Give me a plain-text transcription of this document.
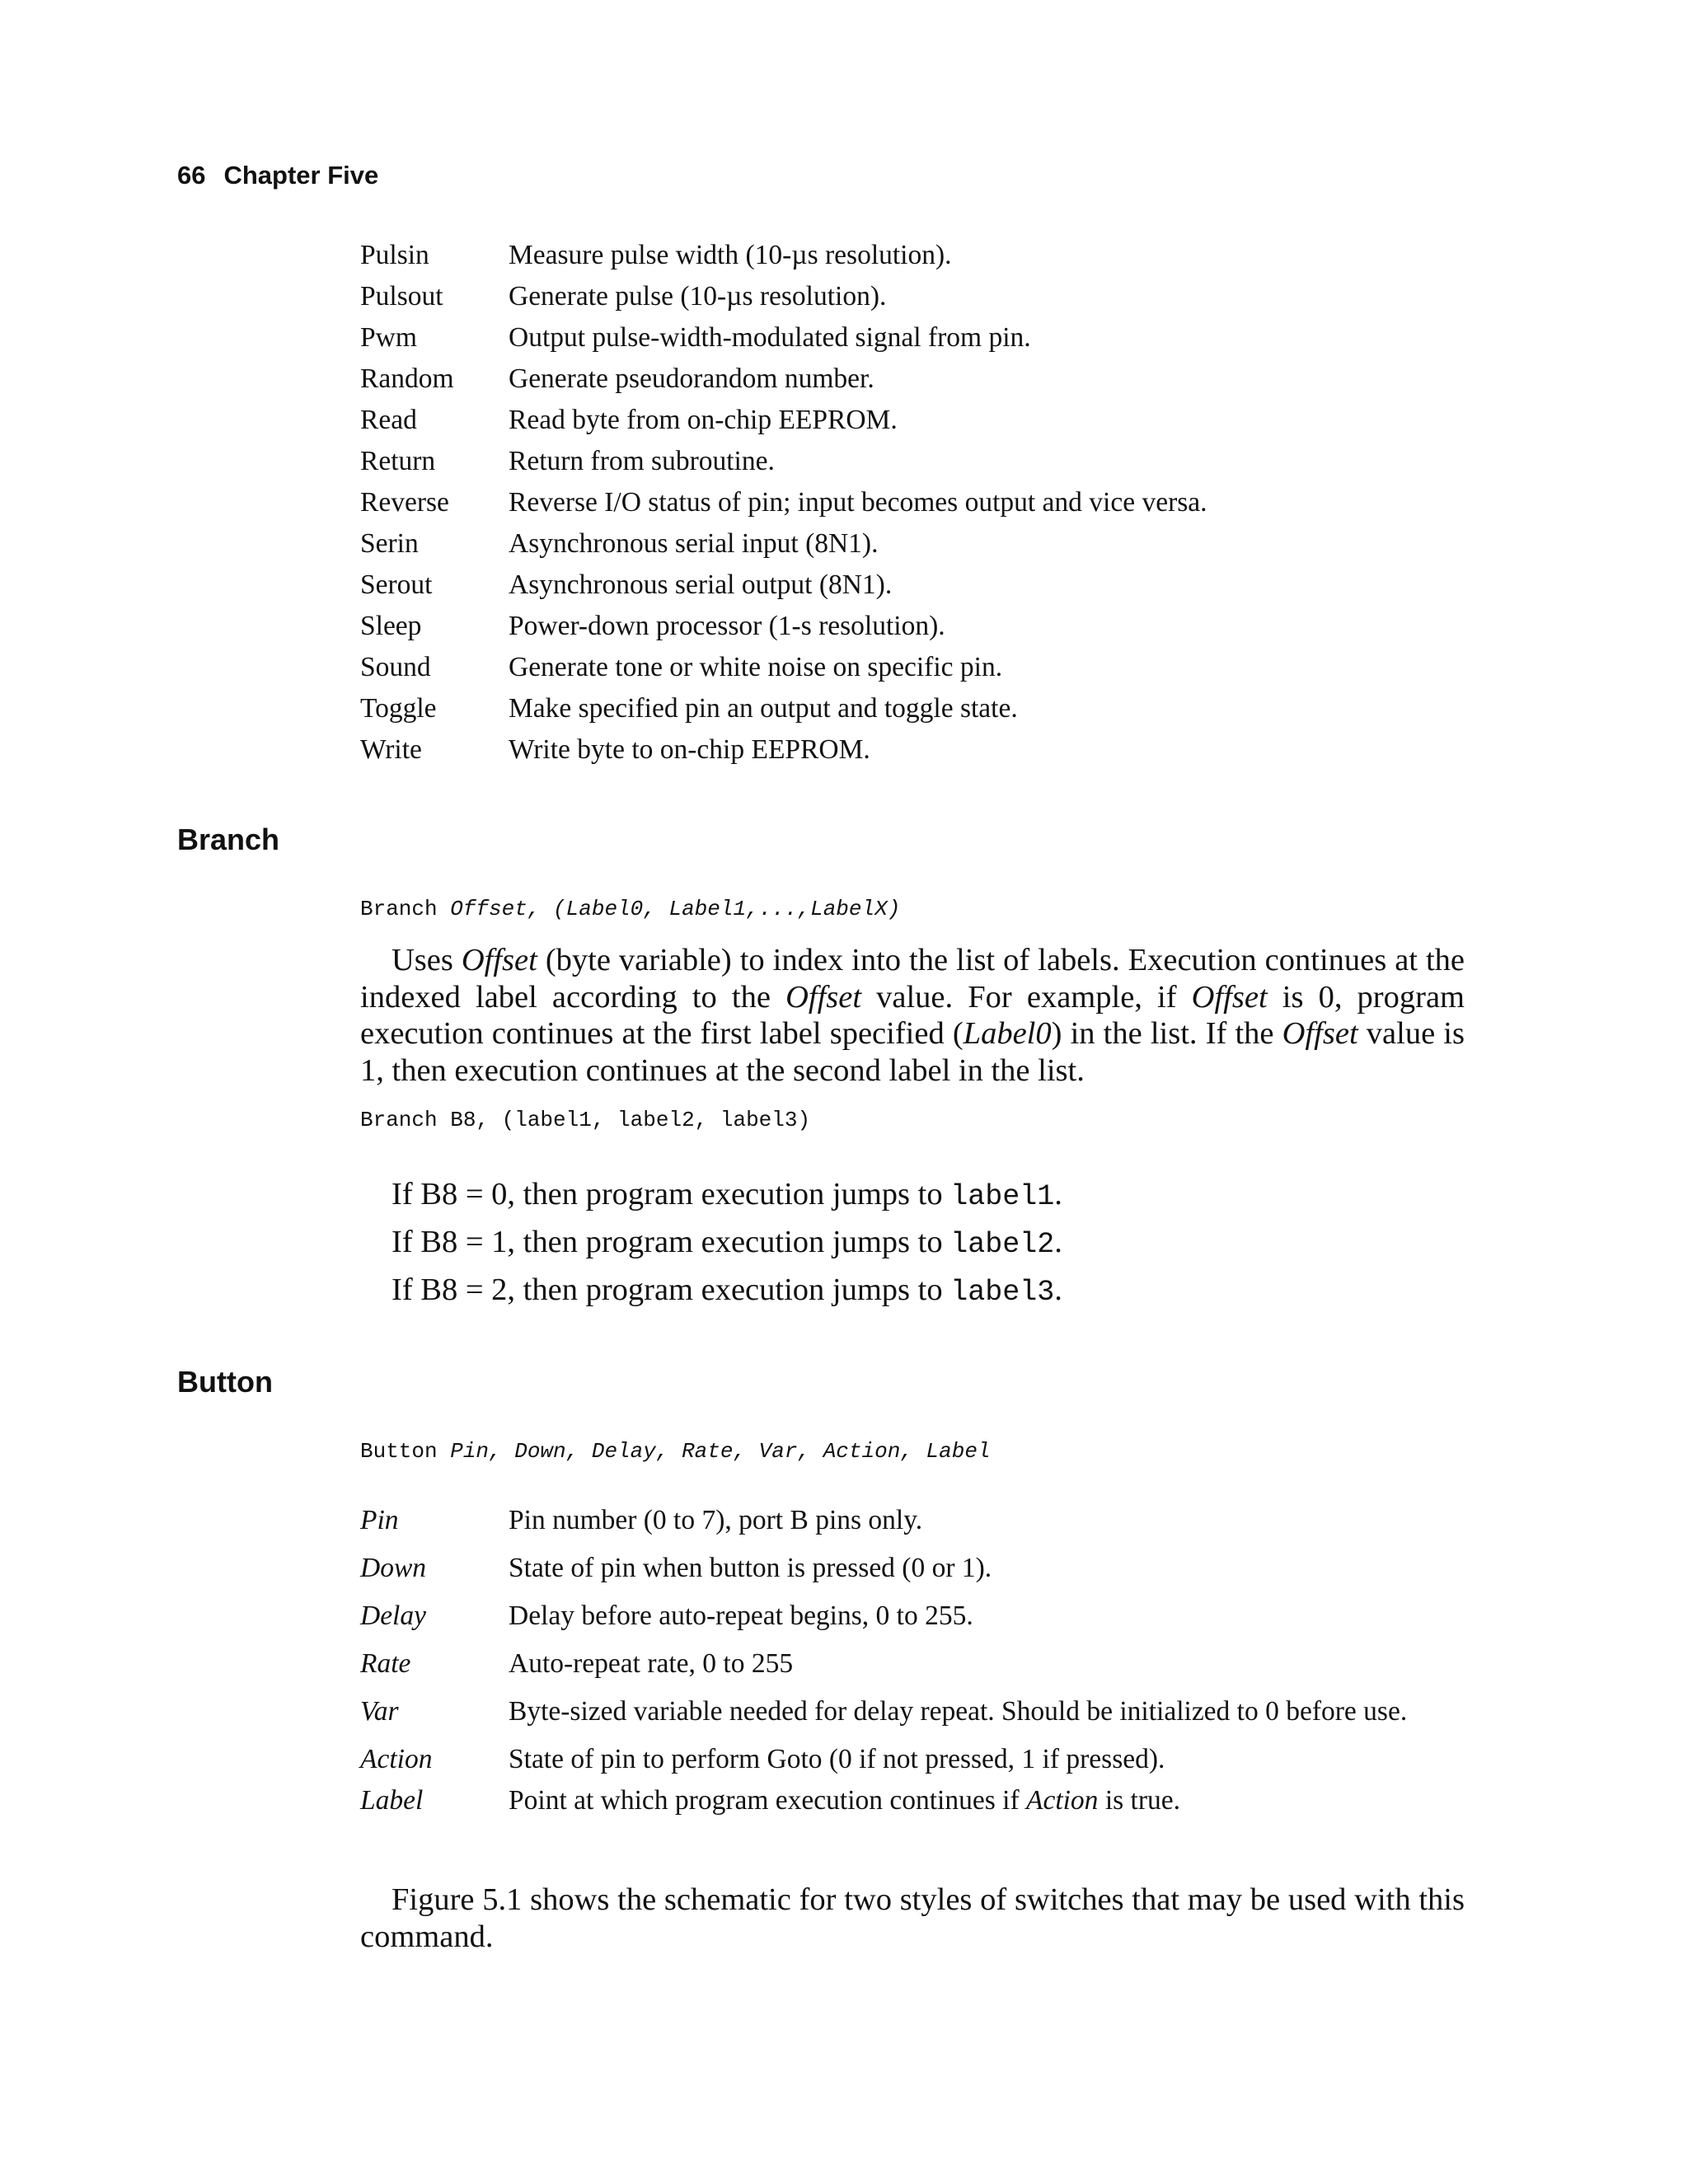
66 Chapter Five
Pulsin	Measure pulse width (10-µs resolution).
Pulsout Generate pulse (10-µs resolution).
Pwm	Output pulse-width-modulated signal from pin.
Random Generate pseudorandom number.
Read	Read byte from on-chip EEPROM.
Return	Return from subroutine.
Reverse Reverse I/O status of pin; input becomes output and vice versa.
Serin	Asynchronous serial input (8N1).
Serout	Asynchronous serial output (8N1).
Sleep	Power-down processor (1-s resolution).
Sound	Generate tone or white noise on specific pin.
Toggle	Make specified pin an output and toggle state.
Write	Write byte to on-chip EEPROM.
Branch
Branch Offset, (Label0, Label1,...,LabelX)
Uses Offset (byte variable) to index into the list of labels. Execution continues at the indexed label according to the Offset value. For example, if Offset is 0, program execution continues at the first label specified (Label0) in the list. If the Offset value is 1, then execution continues at the second label in the list.
Branch B8, (label1, label2, label3)
If B8 = 0, then program execution jumps to label1.
If B8 = 1, then program execution jumps to label2.
If B8 = 2, then program execution jumps to label3.
Button
Button Pin, Down, Delay, Rate, Var, Action, Label
Pin	Pin number (0 to 7), port B pins only.
Down	State of pin when button is pressed (0 or 1).
Delay	Delay before auto-repeat begins, 0 to 255.
Rate	Auto-repeat rate, 0 to 255
Var	Byte-sized variable needed for delay repeat. Should be initialized to 0 before use.
Action	State of pin to perform Goto (0 if not pressed, 1 if pressed).
Label	Point at which program execution continues if Action is true.
Figure 5.1 shows the schematic for two styles of switches that may be used with this command.
